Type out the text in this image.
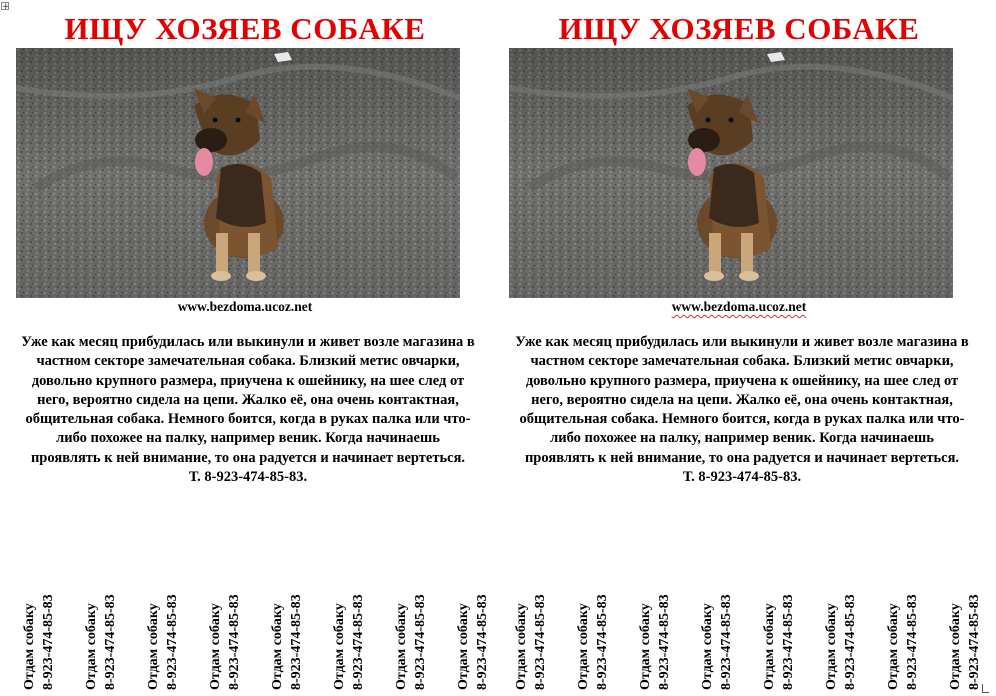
+
ИЩУ ХОЗЯЕВ СОБАКЕ
www.bezdoma.ucoz.net
Уже как месяц прибудилась или выкинули и живет возле магазина в частном секторе замечательная собака. Близкий метис овчарки, довольно крупного размера, приучена к ошейнику, на шее след от него, вероятно сидела на цепи. Жалко её, она очень контактная, общительная собака. Немного боится, когда в руках палка или что-либо похожее на палку, например веник. Когда начинаешь проявлять к ней внимание, то она радуется и начинает вертеться.
Т. 8-923-474-85-83.
Отдам собаку 8-923-474-85-83 Отдам собаку 8-923-474-85-83 Отдам собаку 8-923-474-85-83 Отдам собаку 8-923-474-85-83 Отдам собаку 8-923-474-85-83 Отдам собаку 8-923-474-85-83 Отдам собаку 8-923-474-85-83 Отдам собаку 8-923-474-85-83
ИЩУ ХОЗЯЕВ СОБАКЕ
www.bezdoma.ucoz.net
Уже как месяц прибудилась или выкинули и живет возле магазина в частном секторе замечательная собака. Близкий метис овчарки, довольно крупного размера, приучена к ошейнику, на шее след от него, вероятно сидела на цепи. Жалко её, она очень контактная, общительная собака. Немного боится, когда в руках палка или что-либо похожее на палку, например веник. Когда начинаешь проявлять к ней внимание, то она радуется и начинает вертеться.
Т. 8-923-474-85-83.
Отдам собаку 8-923-474-85-83 Отдам собаку 8-923-474-85-83 Отдам собаку 8-923-474-85-83 Отдам собаку 8-923-474-85-83 Отдам собаку 8-923-474-85-83 Отдам собаку 8-923-474-85-83 Отдам собаку 8-923-474-85-83 Отдам собаку 8-923-474-85-83
